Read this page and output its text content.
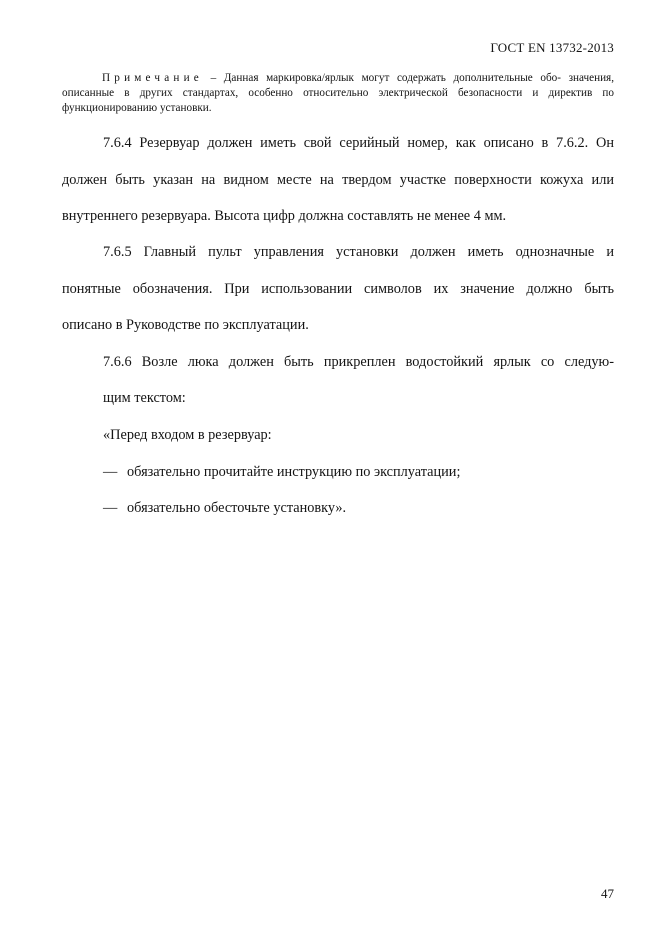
ГОСТ EN 13732-2013
Примечание – Данная маркировка/ярлык могут содержать дополнительные обо- значения, описанные в других стандартах, особенно относительно электрической безопасности и директив по функционированию установки.
7.6.4 Резервуар должен иметь свой серийный номер, как описано в 7.6.2. Он
должен быть указан на видном месте на твердом участке поверхности кожуха или
внутреннего резервуара. Высота цифр должна составлять не менее 4 мм.
7.6.5 Главный пульт управления установки должен иметь однозначные и
понятные обозначения. При использовании символов их значение должно быть
описано в Руководстве по эксплуатации.
7.6.6 Возле люка должен быть прикреплен водостойкий ярлык со следую-
щим текстом:
«Перед входом в резервуар:
— обязательно прочитайте инструкцию по эксплуатации;
— обязательно обесточьте установку».
47
